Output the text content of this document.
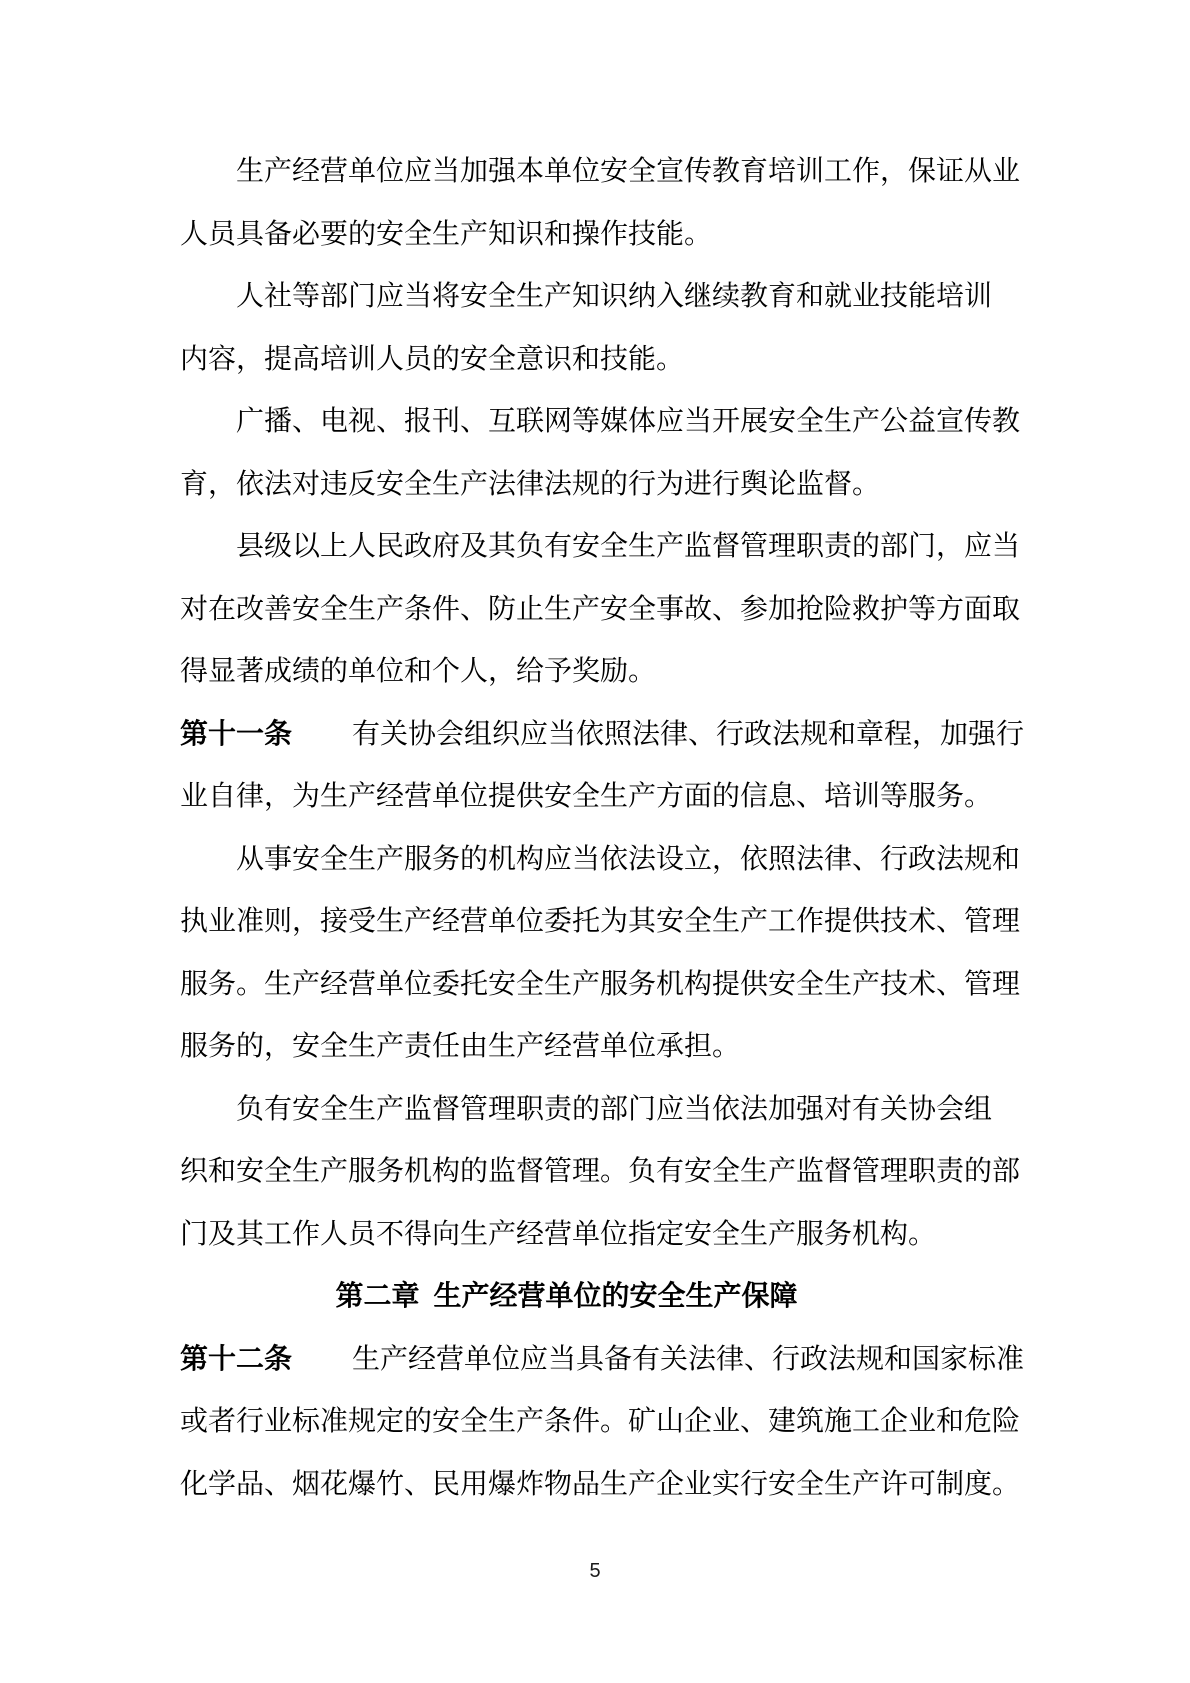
生产经营单位应当加强本单位安全宣传教育培训工作，保证从业
人员具备必要的安全生产知识和操作技能。
人社等部门应当将安全生产知识纳入继续教育和就业技能培训
内容，提高培训人员的安全意识和技能。
广播、电视、报刊、互联网等媒体应当开展安全生产公益宣传教
育，依法对违反安全生产法律法规的行为进行舆论监督。
县级以上人民政府及其负有安全生产监督管理职责的部门，应当
对在改善安全生产条件、防止生产安全事故、参加抢险救护等方面取
得显著成绩的单位和个人，给予奖励。
第十一条 有关协会组织应当依照法律、行政法规和章程，加强行
业自律，为生产经营单位提供安全生产方面的信息、培训等服务。
从事安全生产服务的机构应当依法设立，依照法律、行政法规和
执业准则，接受生产经营单位委托为其安全生产工作提供技术、管理
服务。生产经营单位委托安全生产服务机构提供安全生产技术、管理
服务的，安全生产责任由生产经营单位承担。
负有安全生产监督管理职责的部门应当依法加强对有关协会组
织和安全生产服务机构的监督管理。负有安全生产监督管理职责的部
门及其工作人员不得向生产经营单位指定安全生产服务机构。
第二章 生产经营单位的安全生产保障
第十二条 生产经营单位应当具备有关法律、行政法规和国家标准
或者行业标准规定的安全生产条件。矿山企业、建筑施工企业和危险
化学品、烟花爆竹、民用爆炸物品生产企业实行安全生产许可制度。
5
